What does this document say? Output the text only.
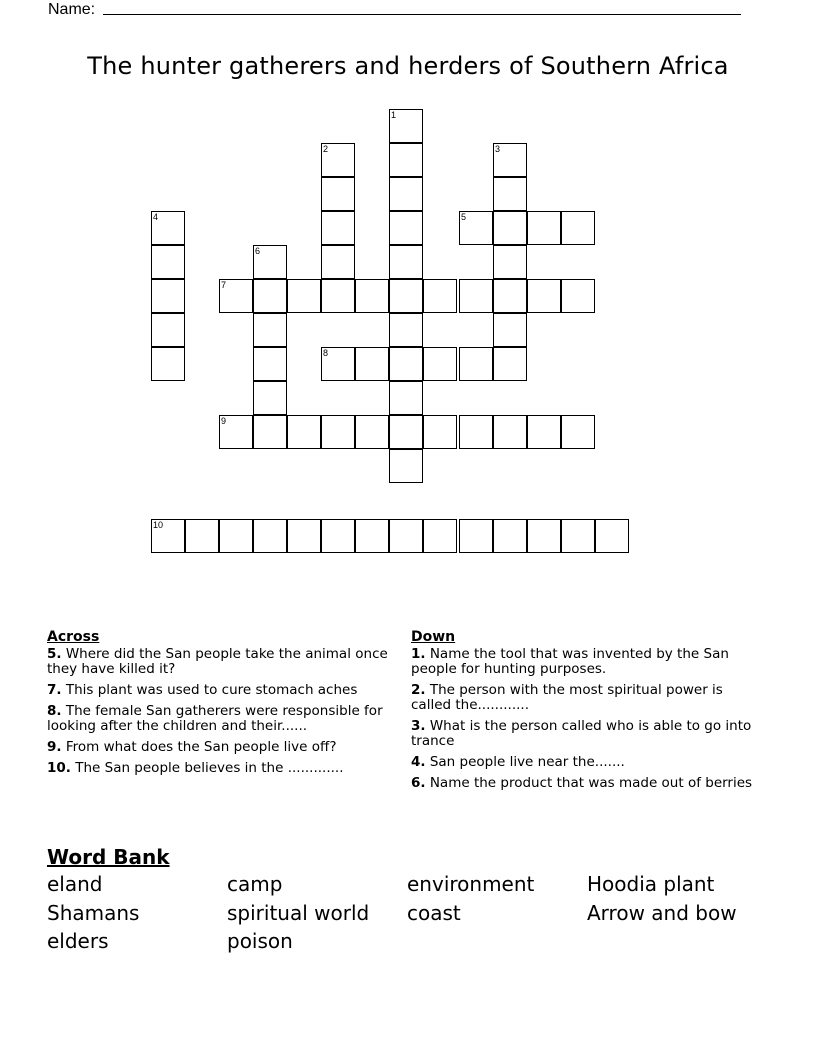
Name:
The hunter gatherers and herders of Southern Africa
1
2
8
3
4	5
6
7
9
10
Across
5. Where did the San people take the animal once they have killed it?
7. This plant was used to cure stomach aches
8. The female San gatherers were responsible for looking after the children and their......
9. From what does the San people live off?
10. The San people believes in the .............
Down
1. Name the tool that was invented by the San people for hunting purposes.
2. The person with the most spiritual power is called the............
3. What is the person called who is able to go into trance
4. San people live near the.......
6. Name the product that was made out of berries
Word Bank
eland	camp	environment	Hoodia plant
Shamans	spiritual world	coast	Arrow and bow
elders	poison
